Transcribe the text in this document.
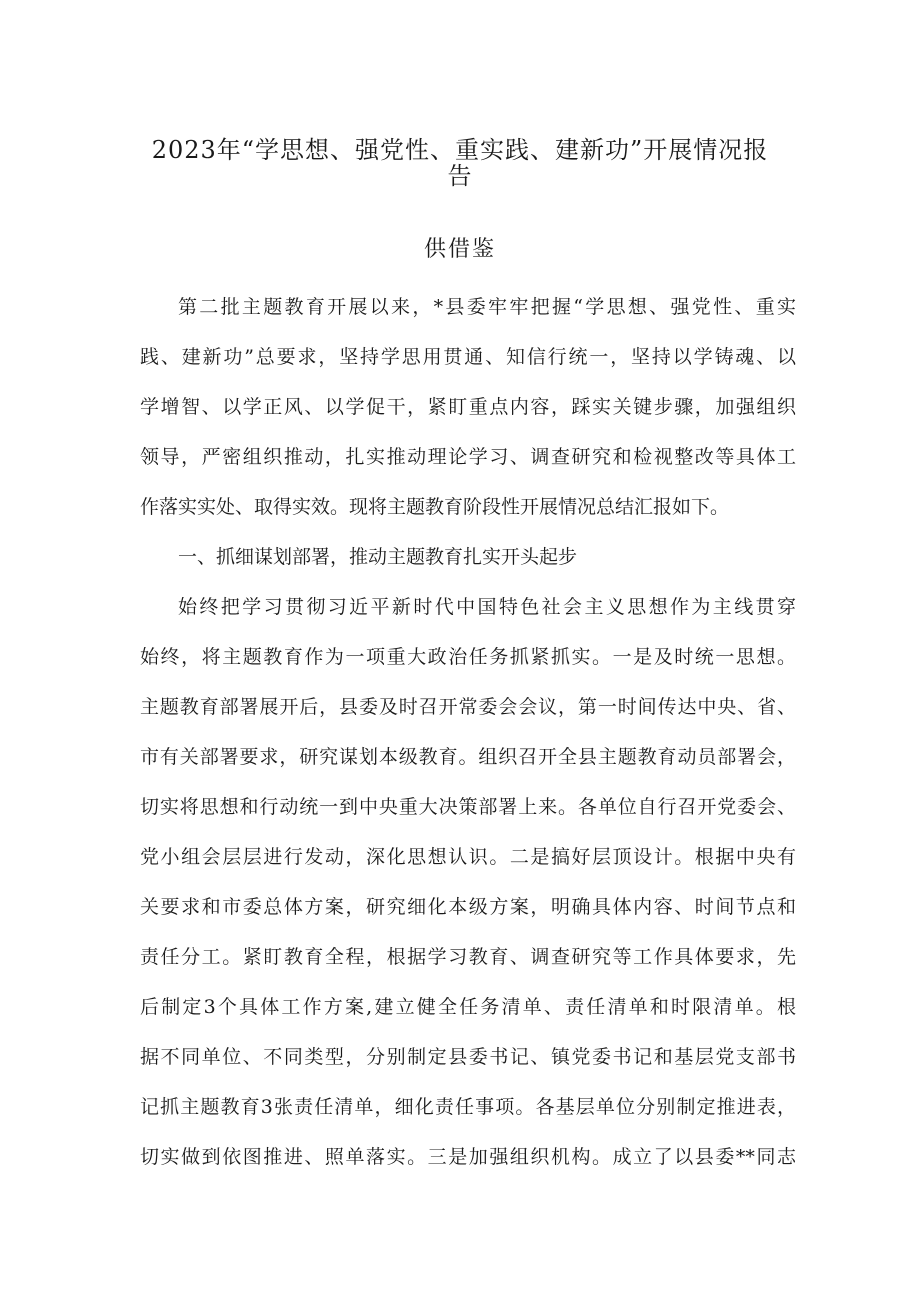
2023年“学思想、强党性、重实践、建新功”开展情况报
告
供借鉴
第二批主题教育开展以来，*县委牢牢把握“学思想、强党性、重实
践、建新功”总要求，坚持学思用贯通、知信行统一，坚持以学铸魂、以
学增智、以学正风、以学促干，紧盯重点内容，踩实关键步骤，加强组织
领导，严密组织推动，扎实推动理论学习、调查研究和检视整改等具体工
作落实实处、取得实效。现将主题教育阶段性开展情况总结汇报如下。
一、抓细谋划部署，推动主题教育扎实开头起步
始终把学习贯彻习近平新时代中国特色社会主义思想作为主线贯穿
始终，将主题教育作为一项重大政治任务抓紧抓实。一是及时统一思想。
主题教育部署展开后，县委及时召开常委会会议，第一时间传达中央、省、
市有关部署要求，研究谋划本级教育。组织召开全县主题教育动员部署会，
切实将思想和行动统一到中央重大决策部署上来。各单位自行召开党委会、
党小组会层层进行发动，深化思想认识。二是搞好层顶设计。根据中央有
关要求和市委总体方案，研究细化本级方案，明确具体内容、时间节点和
责任分工。紧盯教育全程，根据学习教育、调查研究等工作具体要求，先
后制定3个具体工作方案,建立健全任务清单、责任清单和时限清单。根
据不同单位、不同类型，分别制定县委书记、镇党委书记和基层党支部书
记抓主题教育3张责任清单，细化责任事项。各基层单位分别制定推进表，
切实做到依图推进、照单落实。三是加强组织机构。成立了以县委**同志
